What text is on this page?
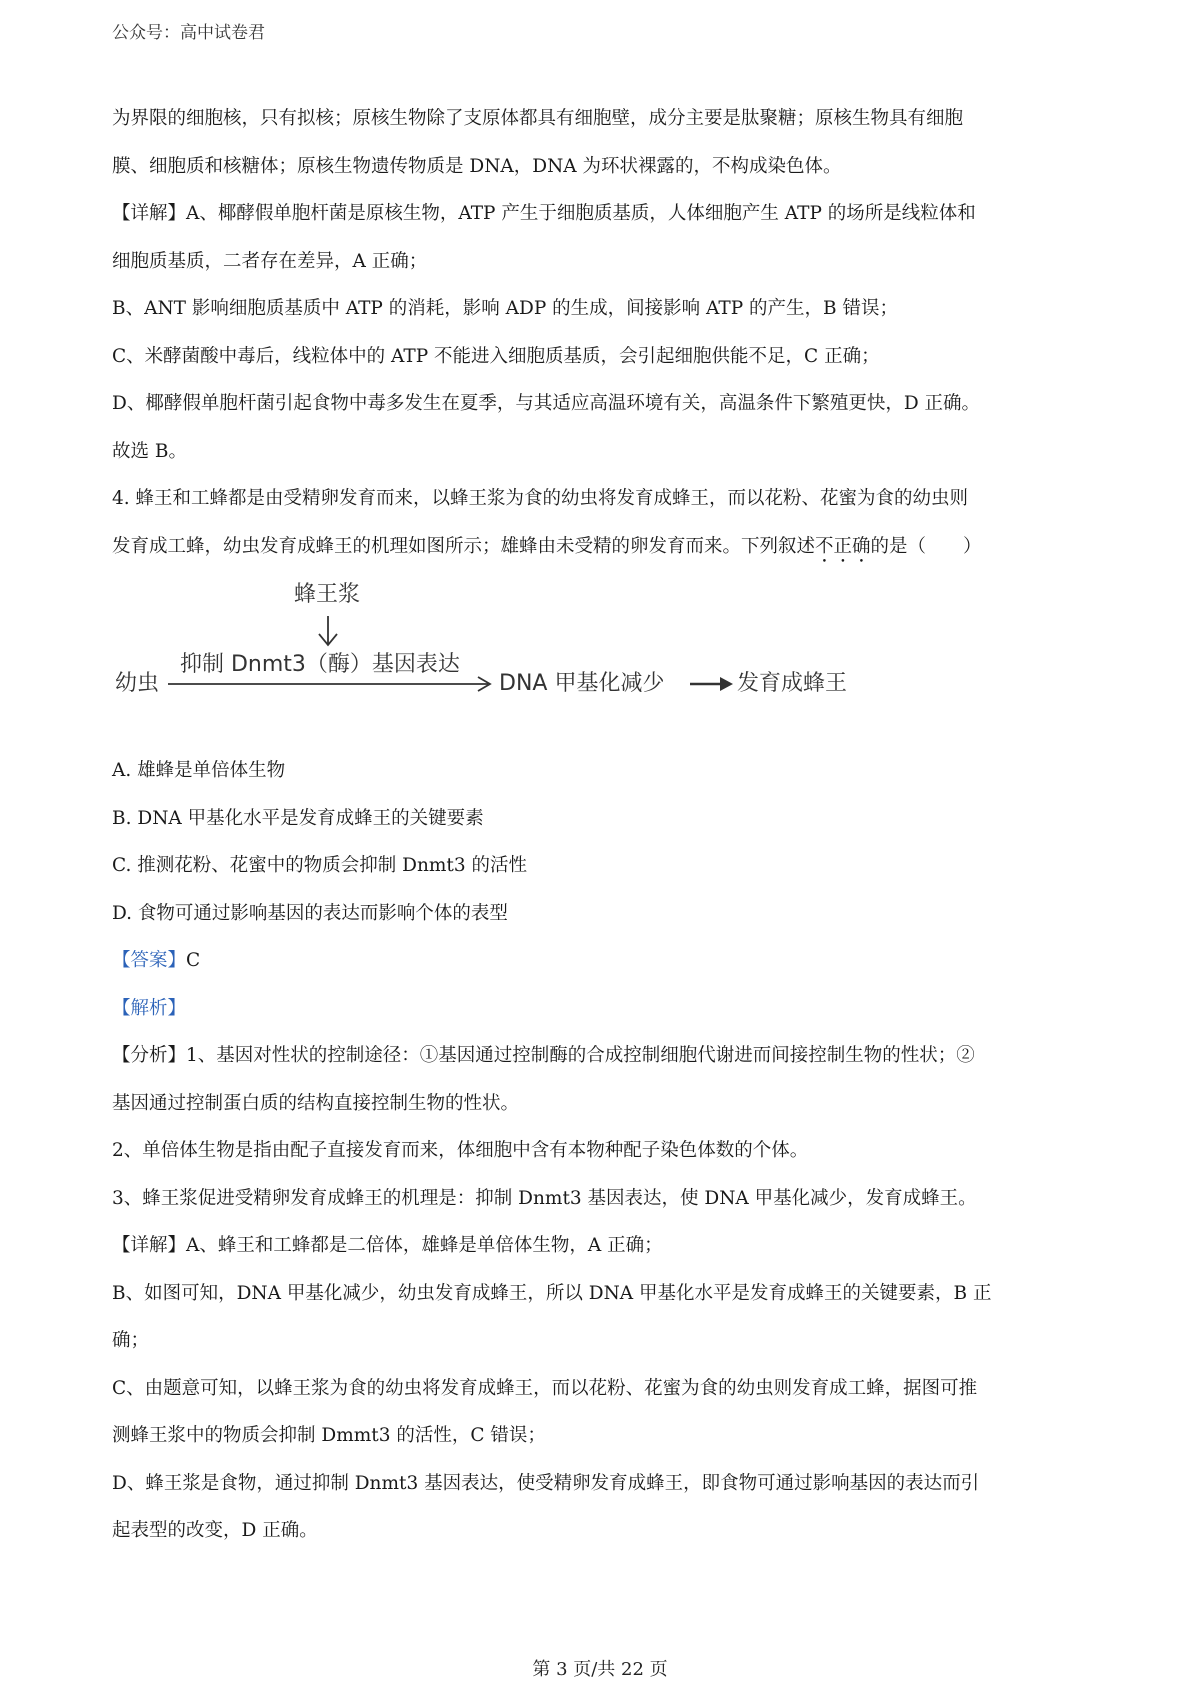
公众号：高中试卷君

为界限的细胞核，只有拟核；原核生物除了支原体都具有细胞壁，成分主要是肽聚糖；原核生物具有细胞

膜、细胞质和核糖体；原核生物遗传物质是 DNA，DNA 为环状裸露的，不构成染色体。

【详解】A、椰酵假单胞杆菌是原核生物，ATP 产生于细胞质基质，人体细胞产生 ATP 的场所是线粒体和

细胞质基质，二者存在差异，A 正确；

B、ANT 影响细胞质基质中 ATP 的消耗，影响 ADP 的生成，间接影响 ATP 的产生，B 错误；

C、米酵菌酸中毒后，线粒体中的 ATP 不能进入细胞质基质，会引起细胞供能不足，C 正确；

D、椰酵假单胞杆菌引起食物中毒多发生在夏季，与其适应高温环境有关，高温条件下繁殖更快，D 正确。

故选 B。

4. 蜂王和工蜂都是由受精卵发育而来，以蜂王浆为食的幼虫将发育成蜂王，而以花粉、花蜜为食的幼虫则

发育成工蜂，幼虫发育成蜂王的机理如图所示；雄蜂由未受精的卵发育而来。下列叙述不正确的是（　　）

蜂王浆
幼虫
抑制 Dnmt3（酶）基因表达
DNA 甲基化减少	发育成蜂王

A. 雄蜂是单倍体生物

B. DNA 甲基化水平是发育成蜂王的关键要素

C. 推测花粉、花蜜中的物质会抑制 Dnmt3 的活性

D. 食物可通过影响基因的表达而影响个体的表型

【答案】C

【解析】

【分析】1、基因对性状的控制途径：①基因通过控制酶的合成控制细胞代谢进而间接控制生物的性状；②

基因通过控制蛋白质的结构直接控制生物的性状。

2、单倍体生物是指由配子直接发育而来，体细胞中含有本物种配子染色体数的个体。

3、蜂王浆促进受精卵发育成蜂王的机理是：抑制 Dnmt3 基因表达，使 DNA 甲基化减少，发育成蜂王。

【详解】A、蜂王和工蜂都是二倍体，雄蜂是单倍体生物，A 正确；

B、如图可知，DNA 甲基化减少，幼虫发育成蜂王，所以 DNA 甲基化水平是发育成蜂王的关键要素，B 正

确；

C、由题意可知，以蜂王浆为食的幼虫将发育成蜂王，而以花粉、花蜜为食的幼虫则发育成工蜂，据图可推

测蜂王浆中的物质会抑制 Dmmt3 的活性，C 错误；

D、蜂王浆是食物，通过抑制 Dnmt3 基因表达，使受精卵发育成蜂王，即食物可通过影响基因的表达而引

起表型的改变，D 正确。

第 3 页/共 22 页
